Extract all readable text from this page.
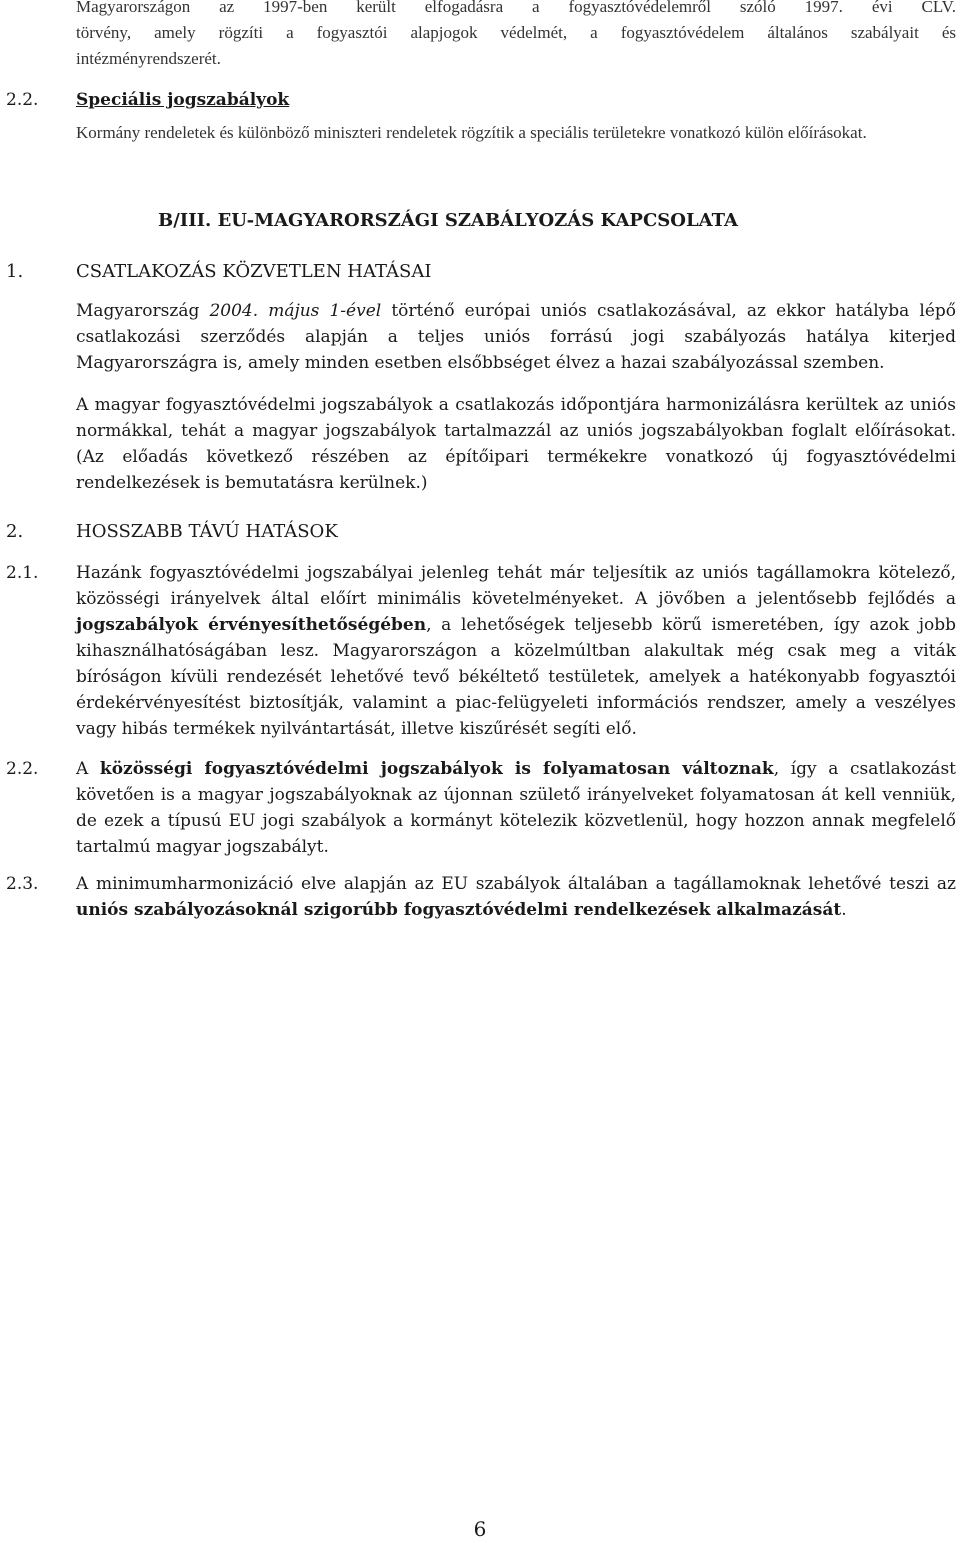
Magyarországon az 1997-ben került elfogadásra a fogyasztóvédelemről szóló 1997. évi CLV.

törvény, amely rögzíti a fogyasztói alapjogok védelmét, a fogyasztóvédelem általános szabályait és

intézményrendszerét.

2.2. Speciális jogszabályok

Kormány rendeletek és különböző miniszteri rendeletek rögzítik a speciális területekre vonatkozó külön előírásokat.

B/III. EU-MAGYARORSZÁGI SZABÁLYOZÁS KAPCSOLATA
1.	CSATLAKOZÁS KÖZVETLEN HATÁSAI

Magyarország 2004. május 1-ével történő európai uniós csatlakozásával, az ekkor hatályba lépő csatlakozási szerződés alapján a teljes uniós forrású jogi szabályozás hatálya kiterjed Magyarországra is, amely minden esetben elsőbbséget élvez a hazai szabályozással szemben.

A magyar fogyasztóvédelmi jogszabályok a csatlakozás időpontjára harmonizálásra kerültek az uniós normákkal, tehát a magyar jogszabályok tartalmazzál az uniós jogszabályokban foglalt előírásokat. (Az előadás következő részében az építőipari termékekre vonatkozó új fogyasztóvédelmi rendelkezések is bemutatásra kerülnek.)

2.	HOSSZABB TÁVÚ HATÁSOK

2.1. Hazánk fogyasztóvédelmi jogszabályai jelenleg tehát már teljesítik az uniós tagállamokra kötelező, közösségi irányelvek által előírt minimális követelményeket. A jövőben a jelentősebb fejlődés a jogszabályok érvényesíthetőségében, a lehetőségek teljesebb körű ismeretében, így azok jobb kihasználhatóságában lesz. Magyarországon a közelmúltban alakultak még csak meg a viták bíróságon kívüli rendezését lehetővé tevő békéltető testületek, amelyek a hatékonyabb fogyasztói érdekérvényesítést biztosítják, valamint a piac-felügyeleti információs rendszer, amely a veszélyes vagy hibás termékek nyilvántartását, illetve kiszűrését segíti elő.

2.2. A közösségi fogyasztóvédelmi jogszabályok is folyamatosan változnak, így a csatlakozást követően is a magyar jogszabályoknak az újonnan születő irányelveket folyamatosan át kell venniük, de ezek a típusú EU jogi szabályok a kormányt kötelezik közvetlenül, hogy hozzon annak megfelelő tartalmú magyar jogszabályt.

2.3. A minimumharmonizáció elve alapján az EU szabályok általában a tagállamoknak lehetővé teszi az uniós szabályozásoknál szigorúbb fogyasztóvédelmi rendelkezések alkalmazását.

6
